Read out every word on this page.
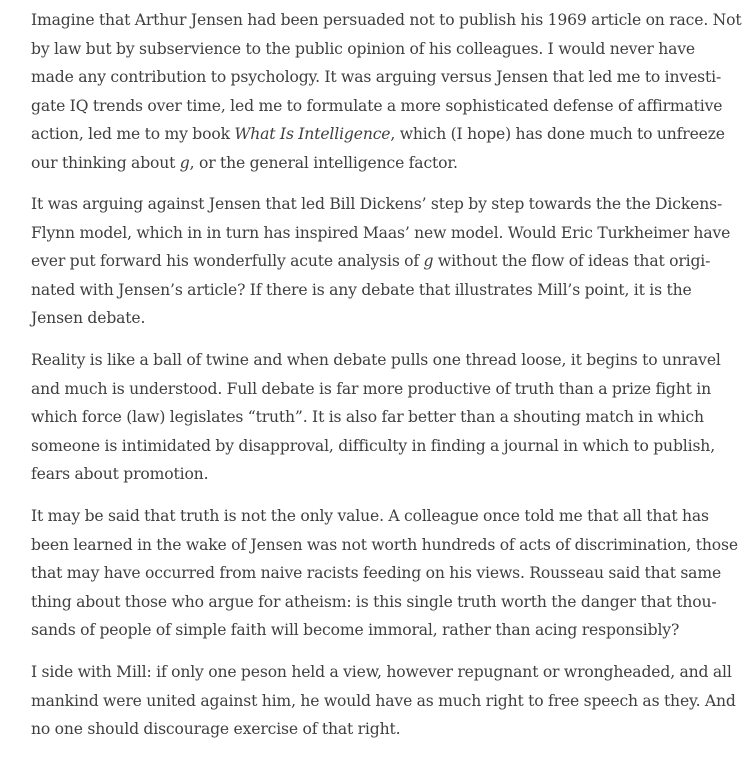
Imagine that Arthur Jensen had been persuaded not to publish his 1969 article on race. Not
by law but by subservience to the public opinion of his colleagues. I would never have
made any contribution to psychology. It was arguing versus Jensen that led me to investi-
gate IQ trends over time, led me to formulate a more sophisticated defense of affirmative
action, led me to my book What Is Intelligence, which (I hope) has done much to unfreeze
our thinking about g, or the general intelligence factor.

It was arguing against Jensen that led Bill Dickens’ step by step towards the the Dickens-
Flynn model, which in in turn has inspired Maas’ new model. Would Eric Turkheimer have
ever put forward his wonderfully acute analysis of g without the flow of ideas that origi-
nated with Jensen’s article? If there is any debate that illustrates Mill’s point, it is the
Jensen debate.

Reality is like a ball of twine and when debate pulls one thread loose, it begins to unravel
and much is understood. Full debate is far more productive of truth than a prize fight in
which force (law) legislates “truth”. It is also far better than a shouting match in which
someone is intimidated by disapproval, difficulty in finding a journal in which to publish,
fears about promotion.

It may be said that truth is not the only value. A colleague once told me that all that has
been learned in the wake of Jensen was not worth hundreds of acts of discrimination, those
that may have occurred from naive racists feeding on his views. Rousseau said that same
thing about those who argue for atheism: is this single truth worth the danger that thou-
sands of people of simple faith will become immoral, rather than acing responsibly?

I side with Mill: if only one peson held a view, however repugnant or wrongheaded, and all
mankind were united against him, he would have as much right to free speech as they. And
no one should discourage exercise of that right.
